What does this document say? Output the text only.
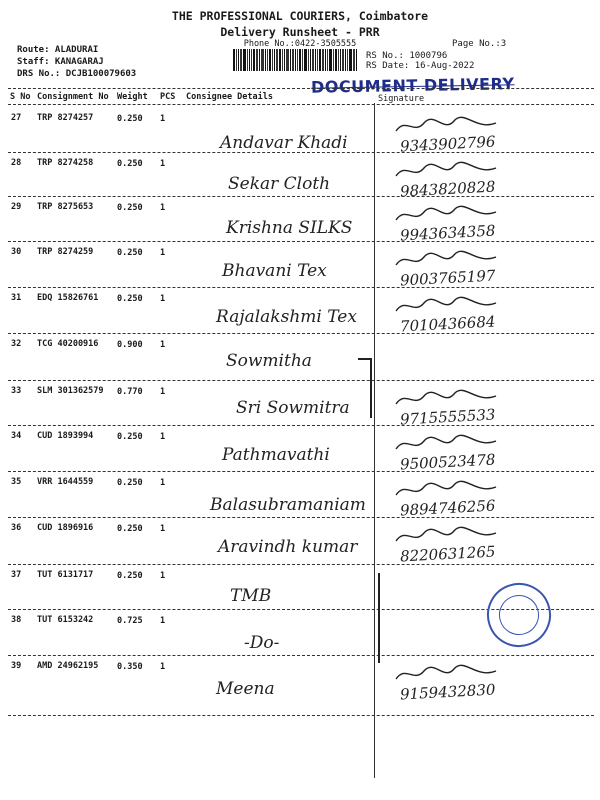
THE PROFESSIONAL COURIERS, Coimbatore
Delivery Runsheet - PRR
Phone No.:0422-3505555	Page No.:3
Route: ALADURAI
Staff: KANAGARAJ
DRS No.: DCJB100079603
RS No.: 1000796
RS Date: 16-Aug-2022
DOCUMENT DELIVERY
S No Consignment No Weight PCS Consignee Details	Signature
27 TRP 8274257	0.250 1
Andavar Khadi	9343902796
28 TRP 8274258	0.250 1
Sekar Cloth	9843820828
29 TRP 8275653	0.250 1
Krishna SILKS	9943634358
30 TRP 8274259	0.250 1
Bhavani Tex	9003765197
31 EDQ 15826761 0.250 1
Rajalakshmi Tex	7010436684
32 TCG 40200916 0.900 1
Sowmitha
33 SLM 301362579 0.770 1
Sri Sowmitra	9715555533
34 CUD 1893994	0.250 1
Pathmavathi	9500523478
35 VRR 1644559	0.250 1
Balasubramaniam 9894746256
36 CUD 1896916	0.250 1
Aravindh kumar	8220631265
37 TUT 6131717	0.250 1
TMB
38 TUT 6153242	0.725 1
-Do-
39 AMD 24962195 0.350 1
Meena	9159432830
